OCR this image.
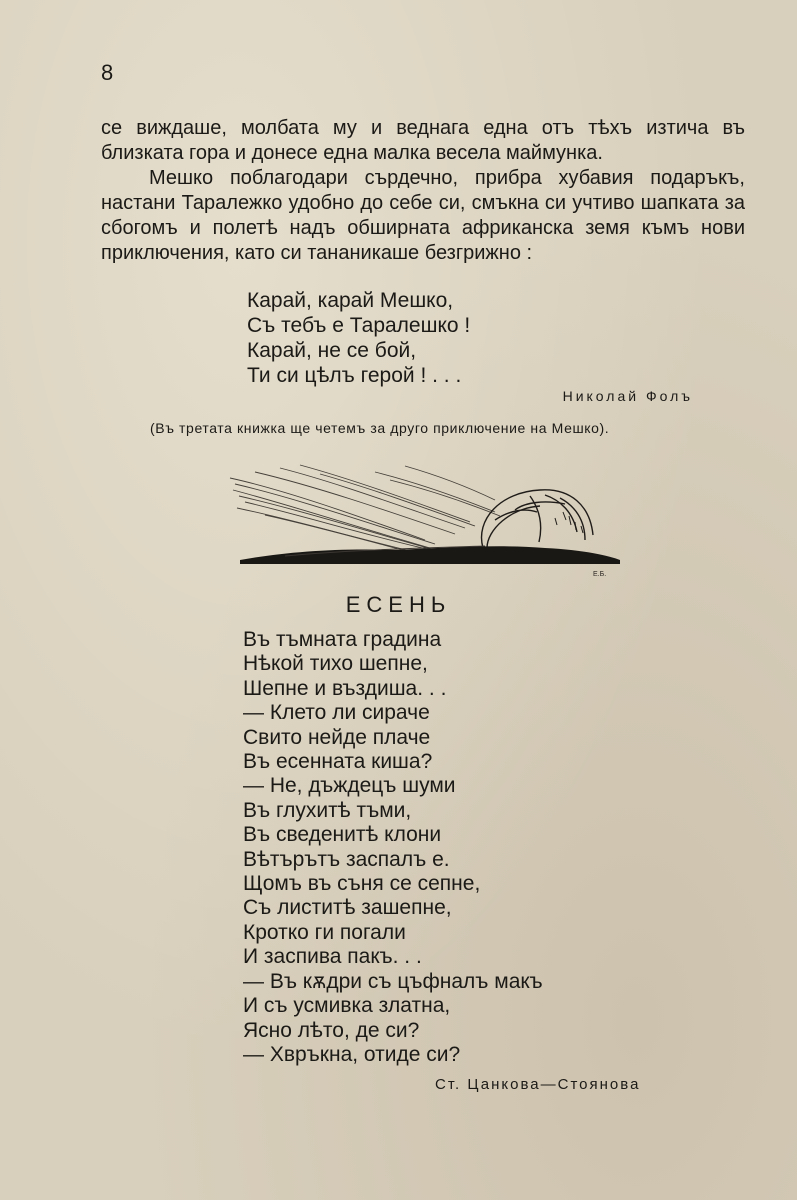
8

се виждаше, молбата му и веднага една отъ тѣхъ изтича въ близката гора и донесе една малка весела маймунка.

Мешко поблагодари сърдечно, прибра хубавия подаръкъ, настани Таралежко удобно до себе си, смъкна си учтиво шапката за сбогомъ и полетѣ надъ обширната африканска земя къмъ нови приключения, като си тананикаше безгрижно :

Карай, карай Мешко,
Съ тебъ е Таралешко !
Карай, не се бой,
Ти си цѣлъ герой ! . . .
Николай Фолъ
(Въ третата книжка ще четемъ за друго приключение на Мешко).
Е.Б.
ЕСЕНЬ
Въ тъмната градина
Нѣкой тихо шепне,
Шепне и въздиша. . .
— Клето ли сираче
Свито нейде плаче
Въ есенната киша?
— Не, дъждецъ шуми
Въ глухитѣ тъми,
Въ сведенитѣ клони
Вѣтърътъ заспалъ е.
Щомъ въ съня се сепне,
Съ листитѣ зашепне,
Кротко ги погали
И заспива пакъ. . .
— Въ кѫдри съ цъфналъ макъ
И съ усмивка златна,
Ясно лѣто, де си?
— Хвръкна, отиде си?
Ст. Цанкова—Стоянова
